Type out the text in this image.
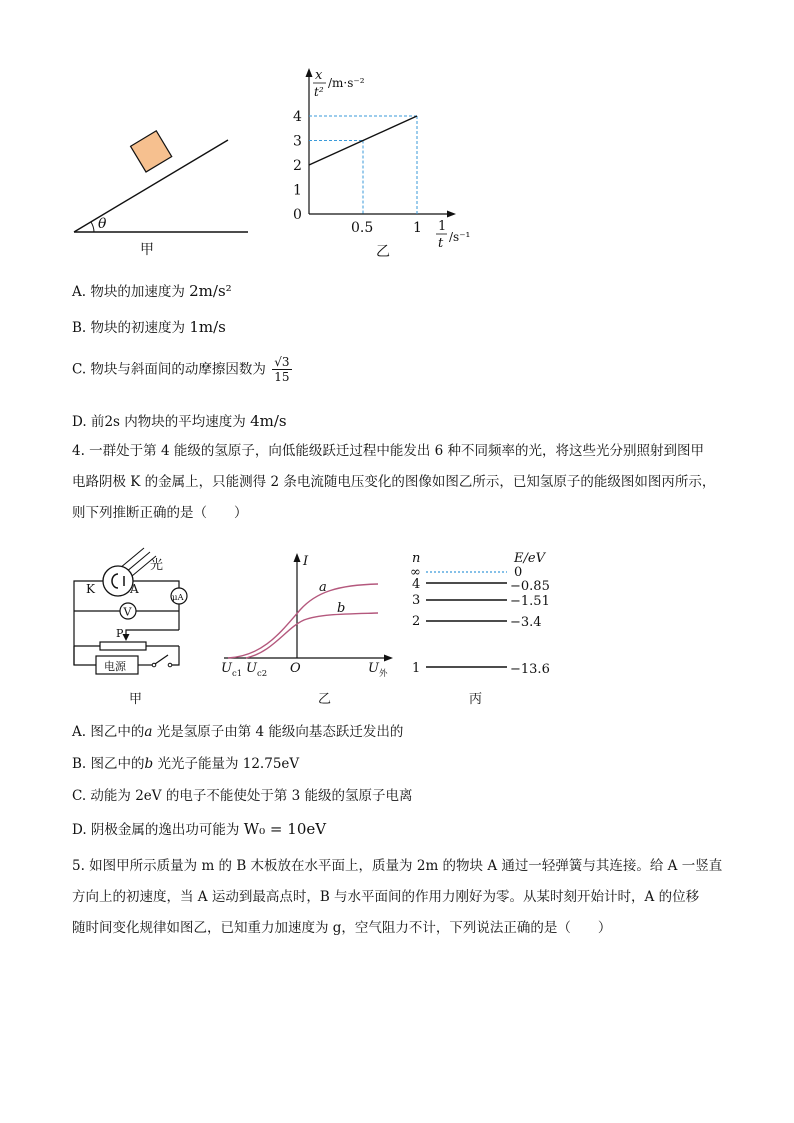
θ
甲
0
1
2
3
4
0.5	1
x
t²
/m·s⁻²
1
t /s⁻¹
乙
A. 物块的加速度为 2m/s²
B. 物块的初速度为 1m/s
C. 物块与斜面间的动摩擦因数为 $\frac{√3}{15}$
D. 前2s 内物块的平均速度为 4m/s
4. 一群处于第 4 能级的氢原子，向低能级跃迁过程中能发出 6 种不同频率的光，将这些光分别照射到图甲
电路阴极 K 的金属上，只能测得 2 条电流随电压变化的图像如图乙所示，已知氢原子的能级图如图丙所示，
则下列推断正确的是（　　）
光
K	A
μA
V
P
电源
甲
I
a
b
$U_{c1}$ $U_{c2}$ O	$U_外$
乙
n	E/eV
∞	0
4	−0.85
3	−1.51
2	−3.4
1	−13.6
丙
A. 图乙中的a 光是氢原子由第 4 能级向基态跃迁发出的
B. 图乙中的b 光光子能量为 12.75eV
C. 动能为 2eV 的电子不能使处于第 3 能级的氢原子电离
D. 阴极金属的逸出功可能为 W₀ = 10eV
5. 如图甲所示质量为 m 的 B 木板放在水平面上，质量为 2m 的物块 A 通过一轻弹簧与其连接。给 A 一竖直
方向上的初速度，当 A 运动到最高点时，B 与水平面间的作用力刚好为零。从某时刻开始计时，A 的位移
随时间变化规律如图乙，已知重力加速度为 g，空气阻力不计，下列说法正确的是（　　）
